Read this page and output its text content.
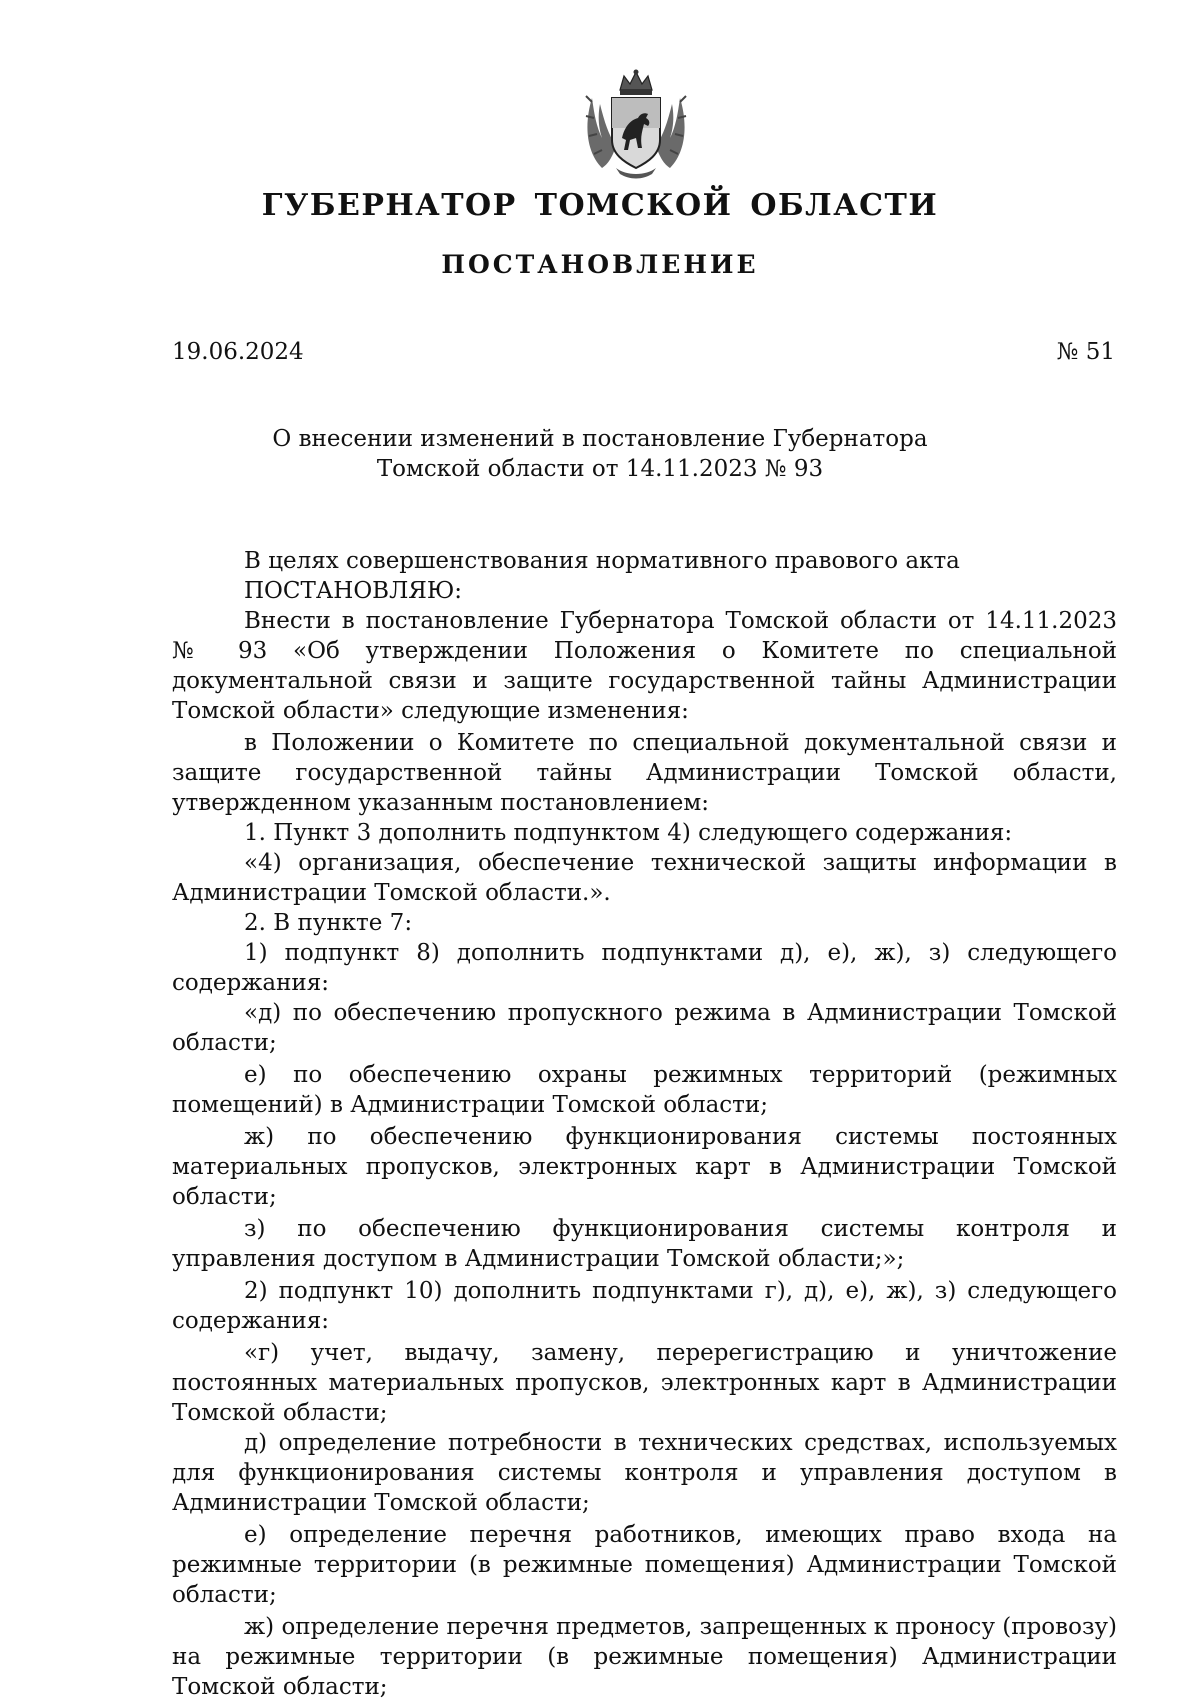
ГУБЕРНАТОР ТОМСКОЙ ОБЛАСТИ
ПОСТАНОВЛЕНИЕ
19.06.2024	№ 51
О внесении изменений в постановление Губернатора
Томской области от 14.11.2023 № 93

В целях совершенствования нормативного правового акта

ПОСТАНОВЛЯЮ:

Внести в постановление Губернатора Томской области от 14.11.2023 № 93 «Об утверждении Положения о Комитете по специальной документальной связи и защите государственной тайны Администрации Томской области» следующие изменения:

в Положении о Комитете по специальной документальной связи и защите государственной тайны Администрации Томской области, утвержденном указанным постановлением:

1. Пункт 3 дополнить подпунктом 4) следующего содержания:

«4) организация, обеспечение технической защиты информации в Администрации Томской области.».

2. В пункте 7:

1) подпункт 8) дополнить подпунктами д), е), ж), з) следующего содержания:

«д) по обеспечению пропускного режима в Администрации Томской области;

е) по обеспечению охраны режимных территорий (режимных помещений) в Администрации Томской области;

ж) по обеспечению функционирования системы постоянных материальных пропусков, электронных карт в Администрации Томской области;

з) по обеспечению функционирования системы контроля и управления доступом в Администрации Томской области;»;

2) подпункт 10) дополнить подпунктами г), д), е), ж), з) следующего содержания:

«г) учет, выдачу, замену, перерегистрацию и уничтожение постоянных материальных пропусков, электронных карт в Администрации Томской области;

д) определение потребности в технических средствах, используемых для функционирования системы контроля и управления доступом в Администрации Томской области;

е) определение перечня работников, имеющих право входа на режимные территории (в режимные помещения) Администрации Томской области;

ж) определение перечня предметов, запрещенных к проносу (провозу) на режимные территории (в режимные помещения) Администрации Томской области;
